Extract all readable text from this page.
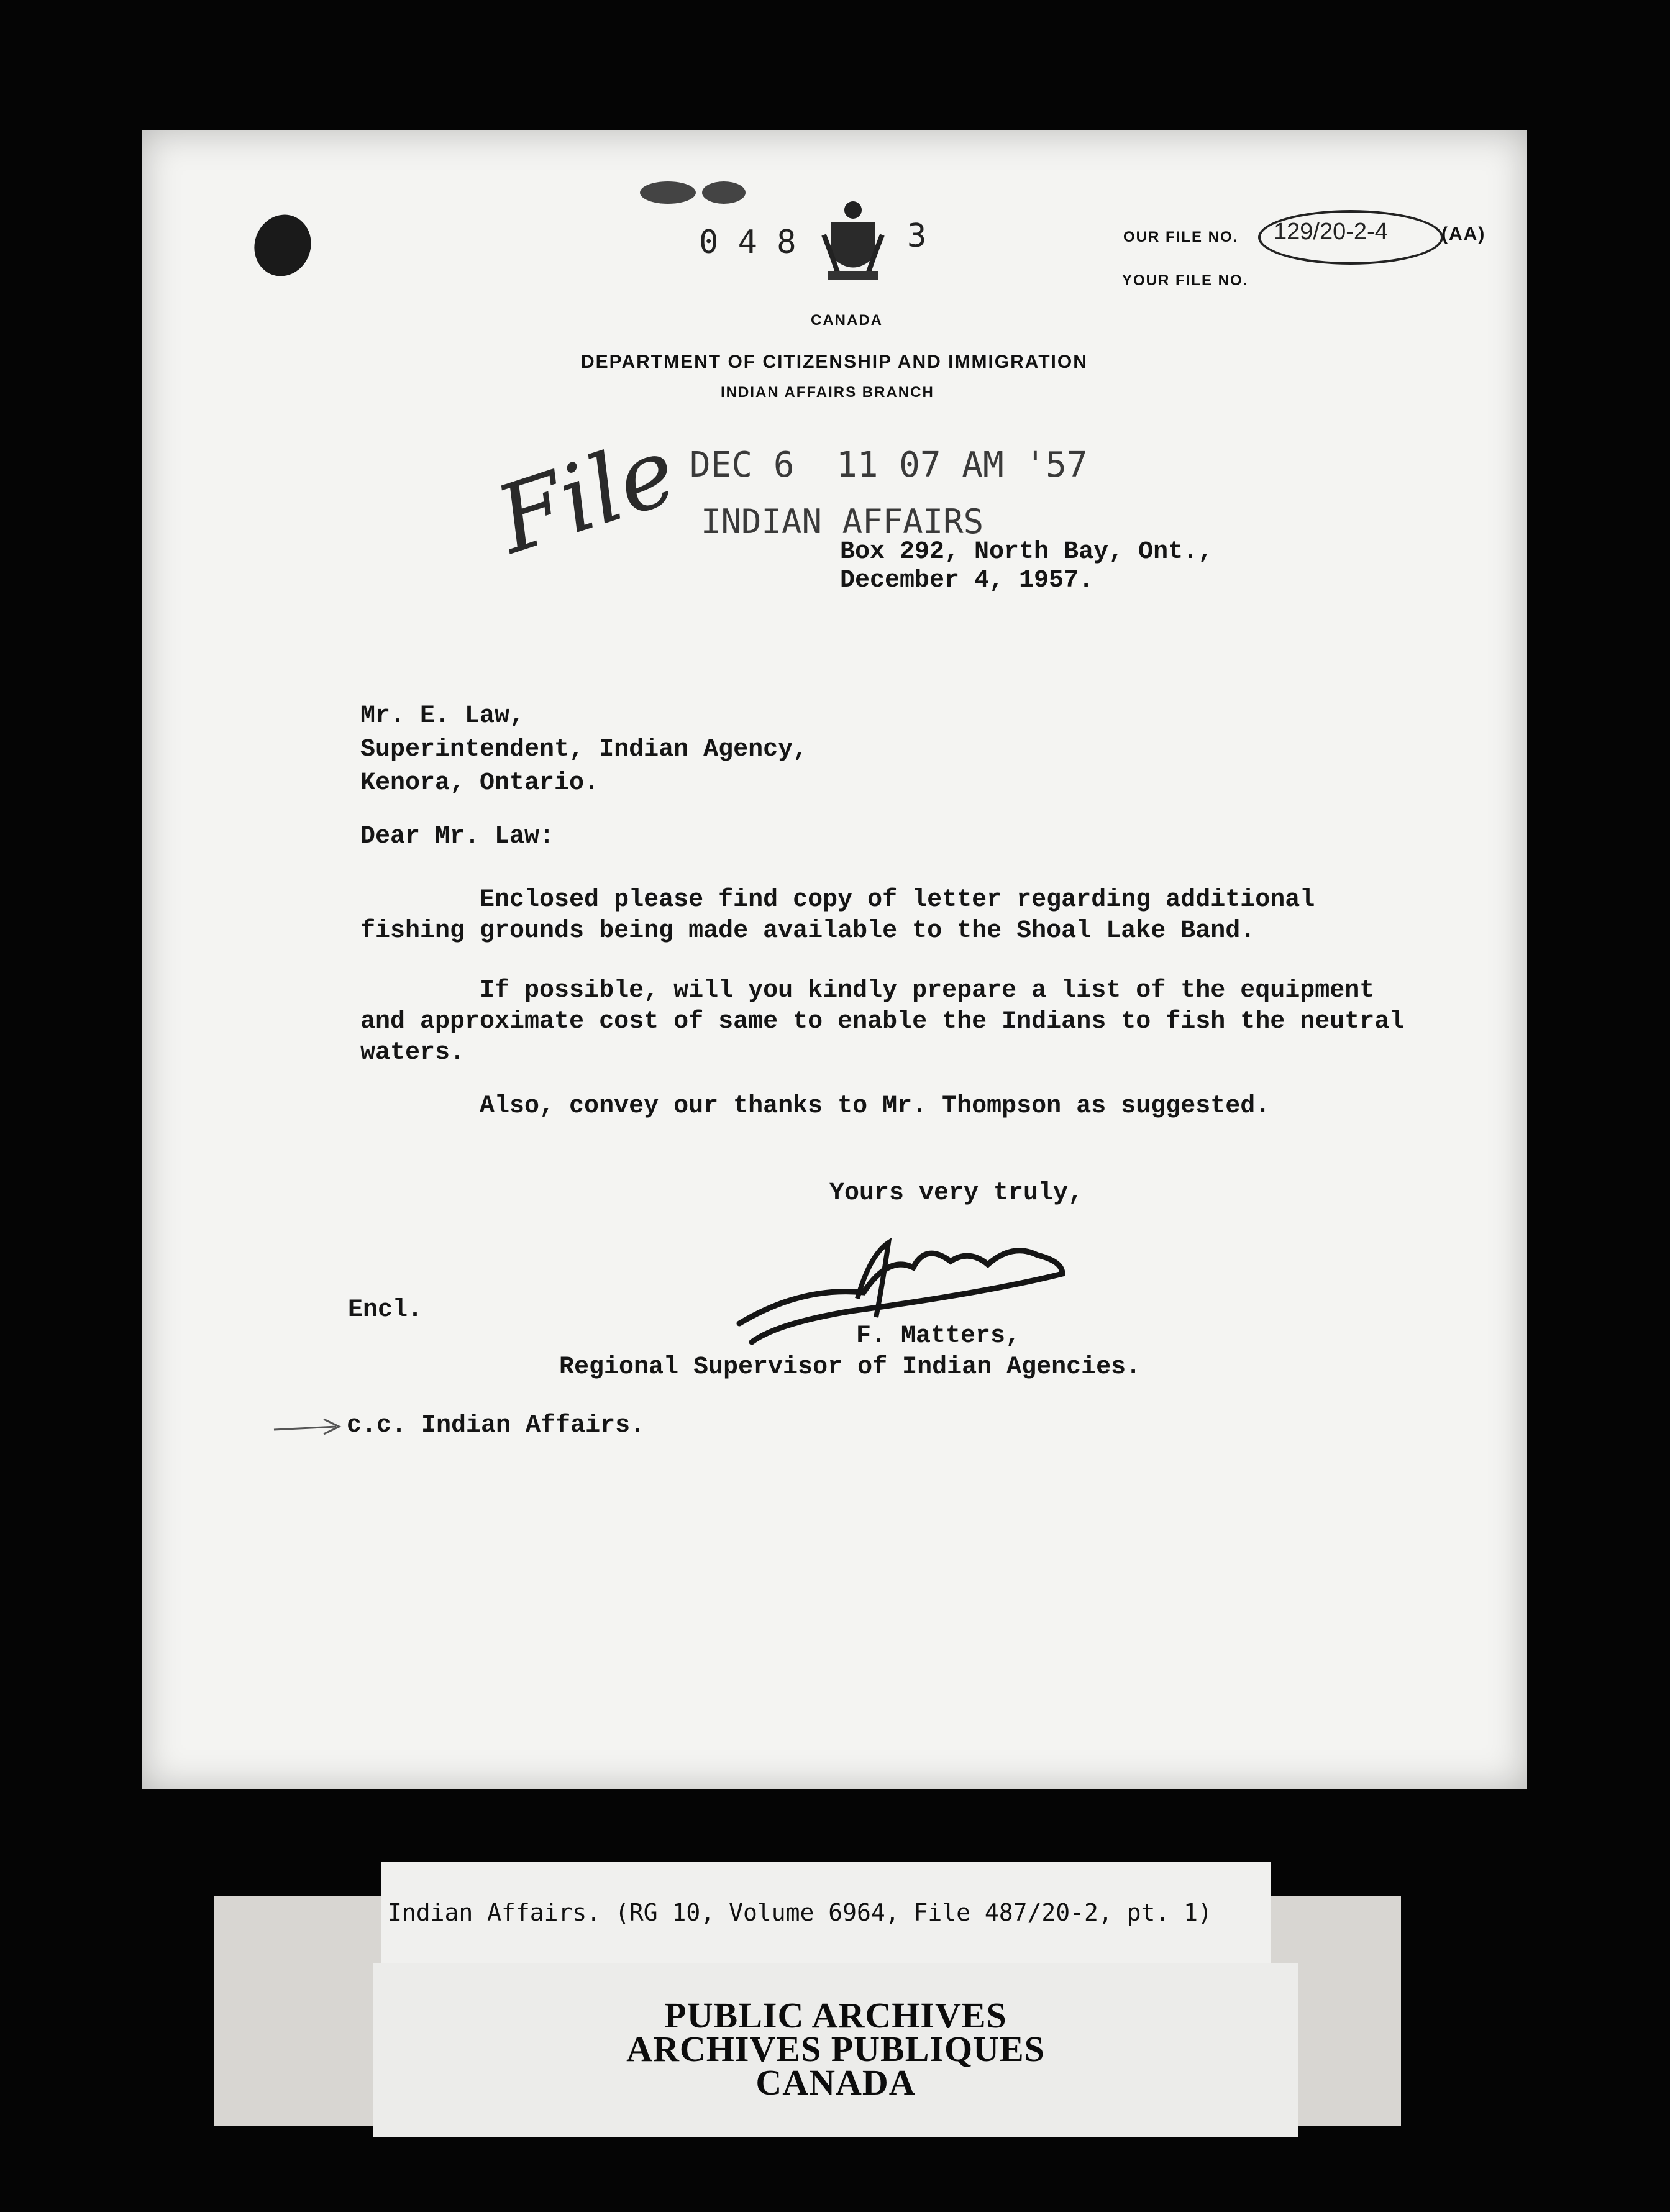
0 4 8	3	OUR FILE NO. 129/20-2-4	(AA)
YOUR FILE NO.
CANADA
DEPARTMENT OF CITIZENSHIP AND IMMIGRATION
INDIAN AFFAIRS BRANCH
DEC 6  11 07 AM '57
INDIAN AFFAIRS
File	Box 292, North Bay, Ont.,
December 4, 1957.
Mr. E. Law,
Superintendent, Indian Agency,
Kenora, Ontario.
Dear Mr. Law:
Enclosed please find copy of letter regarding additional
fishing grounds being made available to the Shoal Lake Band.
If possible, will you kindly prepare a list of the equipment
and approximate cost of same to enable the Indians to fish the neutral
waters.
Also, convey our thanks to Mr. Thompson as suggested.
Yours very truly,
Encl.
F. Matters,
Regional Supervisor of Indian Agencies.
c.c. Indian Affairs.
Indian Affairs. (RG 10, Volume 6964, File 487/20-2, pt. 1)
PUBLIC ARCHIVES
ARCHIVES PUBLIQUES
CANADA
